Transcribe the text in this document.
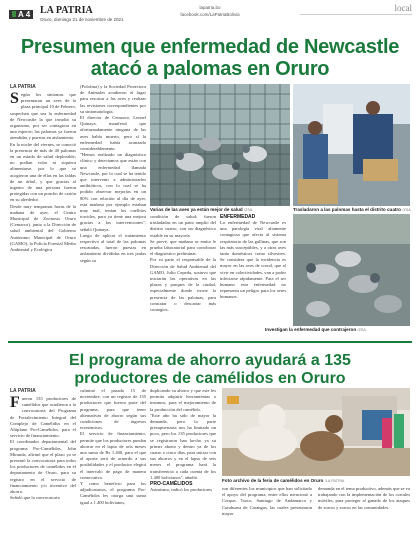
A 4 LA PATRIA
Oruro, domingo 21 de noviembre de 2021
lapatria.bo
facebook.com/LaPatriaBolivia
local
Presumen que enfermedad de Newcastle atacó a palomas en Oruro
LA PATRIA
S egún los síntomas que presentaron un aves de la plaza principal 10 de Febrero, sospechan que sea la enfermedad de Newcastle la que invadió su organismo, por ser contagiosa en una especie; las palomas ya fueron atendidas y puestas en aislamiento.

En la noche del viernes, se conoció la presencia de más de 40 palomas en un estado de salud deplorable; no podían volar ni siquiera alimentarse, por lo que se acogieron una de ellas en las faldas de un árbol, y que gracias al ingenio de una persona fueron protegidas con un poncho de cartón en su alrededor.

Desde muy tempranas horas de la mañana de ayer, el Centro Municipal de Zoonosis Oruro (Cemzoor), junto a la Dirección de salud ambiental del Gobierno Autónomo Municipal de Oruro (GAMO), la Policía Forestal Medio Ambiental y Ecológica

(Polofma) y la Sociedad Protectora de Animales acudieron al lugar para rescatar a las aves y realizar las revisiones correspondientes por su sintomatología.

El director de Cemzoor, Leonel Quinaya, manifestó que aforturnadamente ninguna de las aves había muerto, pero sí la enfermedad había avanzado considerablemente.

"Hemos realizado un diagnóstico clínico y detectamos que están con una enfermedad llamada Newcastle, por lo cual se ha tenido que intervenir a administrarles antibióticos, con lo cual se ha podido observar mejorías en un 80% con relación al día de ayer, esta mañana por ejemplo estaban muy mal, tenían los cuellitos torcidos, para ya tiene una mejora gracias a las intervenciones", señaló Quinaya.

Luego de aplicar el tratamiento respectivo al total de las palomas rescatadas, fueron puestas en aislamiento divididas en tres jaulas según su

Varias de las aves ya están mejor de salud /ZSA	Trasladaron a las palomas hasta el distrito cuatro /ZSA

condición de salud; fueron trasladadas en un patio amplio del distrito cuatro, con un diagnóstico estable en su mayoría.

Se prevé, que mañana se emita le prueba laboratorial para corroborar el diagnóstico preliminar.

Por su parte el responsable de la Dirección de Salud Ambiental del GAMO, Julio Cepeda, sostuvo que iniciarán las operativas en las plazas y parques de la ciudad, especialmente donde existe la presencia de las palomas, para constatar o descartar más contagios.

ENFERMEDAD

La enfermedad de Newcastle es una patología viral altamente contagiosa que afecta al sistema respiratorio de las gallinas, que son las más susceptibles, y a otras aves tanto domésticas como silvestres. Se considera que la incidencia es mayor en las aves de corral, que al vivir en colectividades, van a poder infectarse rápidamente. Para el ser humano esta enfermedad no representa un peligro para los seres humanos.

Investigan la enfermedad que contrajeron /ZSA
El programa de ahorro ayudará a 135 productores de camélidos en Oruro
LA PATRIA
F ueron 135 productores de camélidos que acudieron a la convocatoria del Programa de Fortalecimiento Integral del Complejo de Camélidos en el Altiplano Pro-Camélidos, para el servicio de financiamiento.

El coordinador departamental del programa Pro-Camélidos, John Miranda, afirmó que el plazo ya se presentó la convocatoria para todos los productores de camélidos en el departamento de Oruro, para su registro en el servicio de financiamiento y/o incentivo del ahorro.

Señaló que la convocatoria

culminó el pasado 15 de noviembre, con un registro de 135 productores que fueron parte del programa, para que tener alternativas de ahorro según sus condiciones de ingresos económicos.

El servicio de financiamiento, permite que los productores puedan ahorrar en el lapso de seis meses una suma de Bs 1.400, para el que al aporte será de acuerdo a sus posibilidades y el productor elegirá el intervalo de pago de manera consecutiva.

Y como beneficio para los adjudicatarios, el programa Pro-Camélidos les otorga una suma igual a 1.400 bolivianos,

duplicando su ahorro y que este les permita adquirir herramientas o insumos, para el mejoramiento de la producción del camélido.

"Este año ha sido de mayor la demanda, pero la parte presupuestaria nos ha limitado un poco, pero los 135 productores que se registraron han hecho ya su primer abono y dentro ya de los cuatro o cinco días, para iniciar con sus ahorros y en el lapso de seis meses el programa hará la transferencia a cada cuenta de los 1.400 bolivianos", añadió.

PRO-CAMÉLIDOS

Asimismo, indicó los productores

Foto archivo de la feria de camélidos en Oruro /LA PATRIA

ron diferentes los municipios que han solicitado el apoyo del programa, entre ellos mencionó a Corque, Turco, Santiago de Andamarca y Curahuara de Carangas, las cuales presentaron mayor

demanda en el tema productivo, además que se va trabajando con la implementación de los corrales móviles, para proteger al ganado de los ataques de zorros y zorros en las comunidades.
